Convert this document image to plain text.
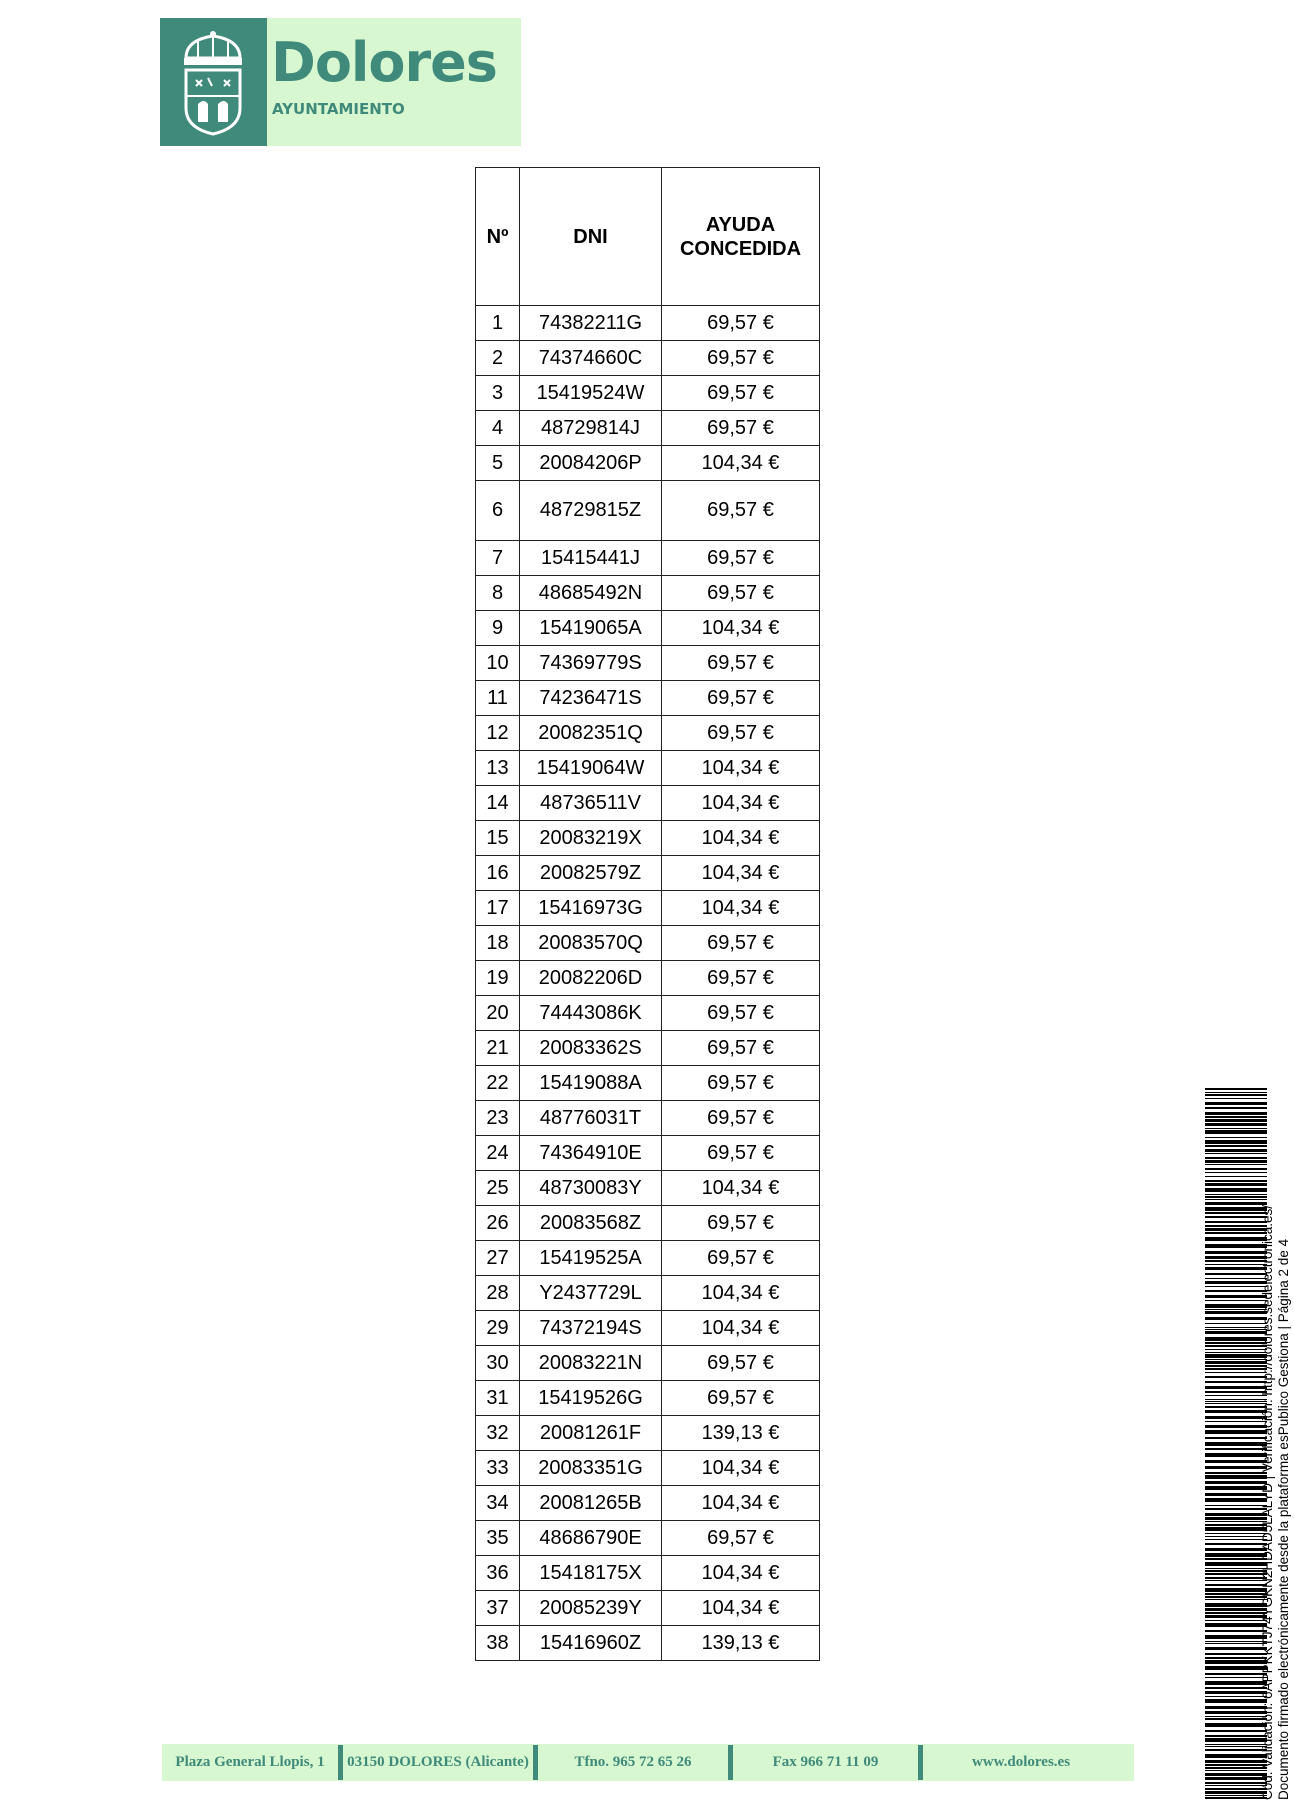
Dolores
AYUNTAMIENTO
Nº	DNI	AYUDA
CONCEDIDA
1	74382211G	69,57 €
2	74374660C	69,57 €
3	15419524W	69,57 €
4	48729814J	69,57 €
5	20084206P	104,34 €
6	48729815Z	69,57 €
7	15415441J	69,57 €
8	48685492N	69,57 €
9	15419065A	104,34 €
10	74369779S	69,57 €
11	74236471S	69,57 €
12	20082351Q	69,57 €
13	15419064W	104,34 €
14	48736511V	104,34 €
15	20083219X	104,34 €
16	20082579Z	104,34 €
17	15416973G	104,34 €
18	20083570Q	69,57 €
19	20082206D	69,57 €
20	74443086K	69,57 €
21	20083362S	69,57 €
22	15419088A	69,57 €
23	48776031T	69,57 €
24	74364910E	69,57 €
25	48730083Y	104,34 €
26	20083568Z	69,57 €
27	15419525A	69,57 €
28	Y2437729L	104,34 €
29	74372194S	104,34 €
30	20083221N	69,57 €
31	15419526G	69,57 €
32	20081261F	139,13 €
33	20083351G	104,34 €
34	20081265B	104,34 €
35	48686790E	69,57 €
36	15418175X	104,34 €
37	20085239Y	104,34 €
38	15416960Z	139,13 €
Plaza General Llopis, 1	03150 DOLORES (Alicante)	Tfno. 965 72 65 26	Fax 966 71 11 09	www.dolores.es	Cód. Validación: 6APPKKTJ74YGKN2HDAD5LALYD | Verificación: http://dolores.sedelectronica.es/ Documento firmado electrónicamente desde la plataforma esPublico Gestiona | Página 2 de 4
